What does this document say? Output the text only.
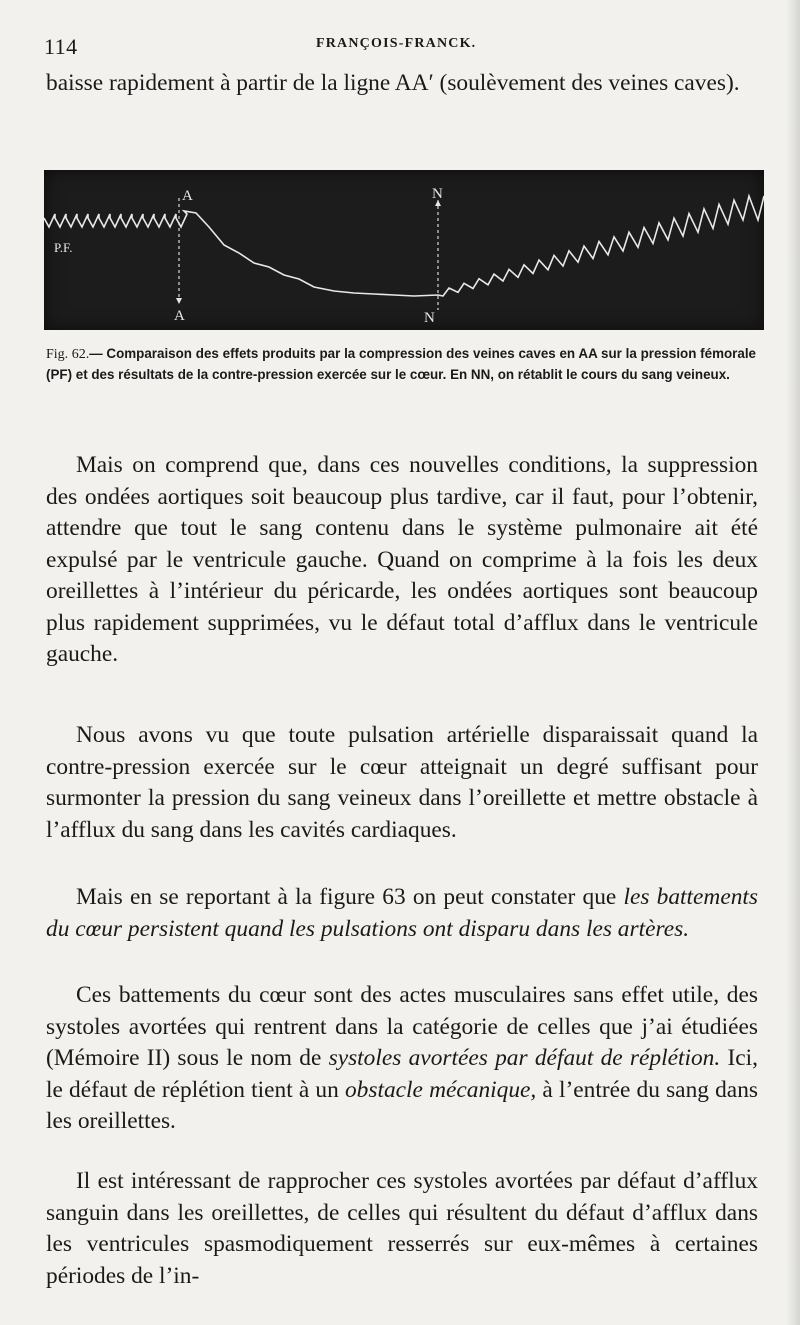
114	FRANÇOIS-FRANCK.

baisse rapidement à partir de la ligne AA′ (soulèvement des veines caves).

A
A
N
N
P.F.

Fig. 62.— Comparaison des effets produits par la compression des veines caves en AA sur la pression fémorale (PF) et des résultats de la contre-pression exercée sur le cœur. En NN, on rétablit le cours du sang veineux.

Mais on comprend que, dans ces nouvelles conditions, la suppression des ondées aortiques soit beaucoup plus tardive, car il faut, pour l’obtenir, attendre que tout le sang contenu dans le système pulmonaire ait été expulsé par le ventricule gauche. Quand on comprime à la fois les deux oreillettes à l’intérieur du péricarde, les ondées aortiques sont beaucoup plus rapidement supprimées, vu le défaut total d’afflux dans le ventricule gauche.

Nous avons vu que toute pulsation artérielle disparaissait quand la contre-pression exercée sur le cœur atteignait un degré suffisant pour surmonter la pression du sang veineux dans l’oreillette et mettre obstacle à l’afflux du sang dans les cavités cardiaques.

Mais en se reportant à la figure 63 on peut constater que les battements du cœur persistent quand les pulsations ont disparu dans les artères.

Ces battements du cœur sont des actes musculaires sans effet utile, des systoles avortées qui rentrent dans la catégorie de celles que j’ai étudiées (Mémoire II) sous le nom de systoles avortées par défaut de réplétion. Ici, le défaut de réplétion tient à un obstacle mécanique, à l’entrée du sang dans les oreillettes.

Il est intéressant de rapprocher ces systoles avortées par défaut d’afflux sanguin dans les oreillettes, de celles qui résultent du défaut d’afflux dans les ventricules spasmodiquement resserrés sur eux-mêmes à certaines périodes de l’in-
